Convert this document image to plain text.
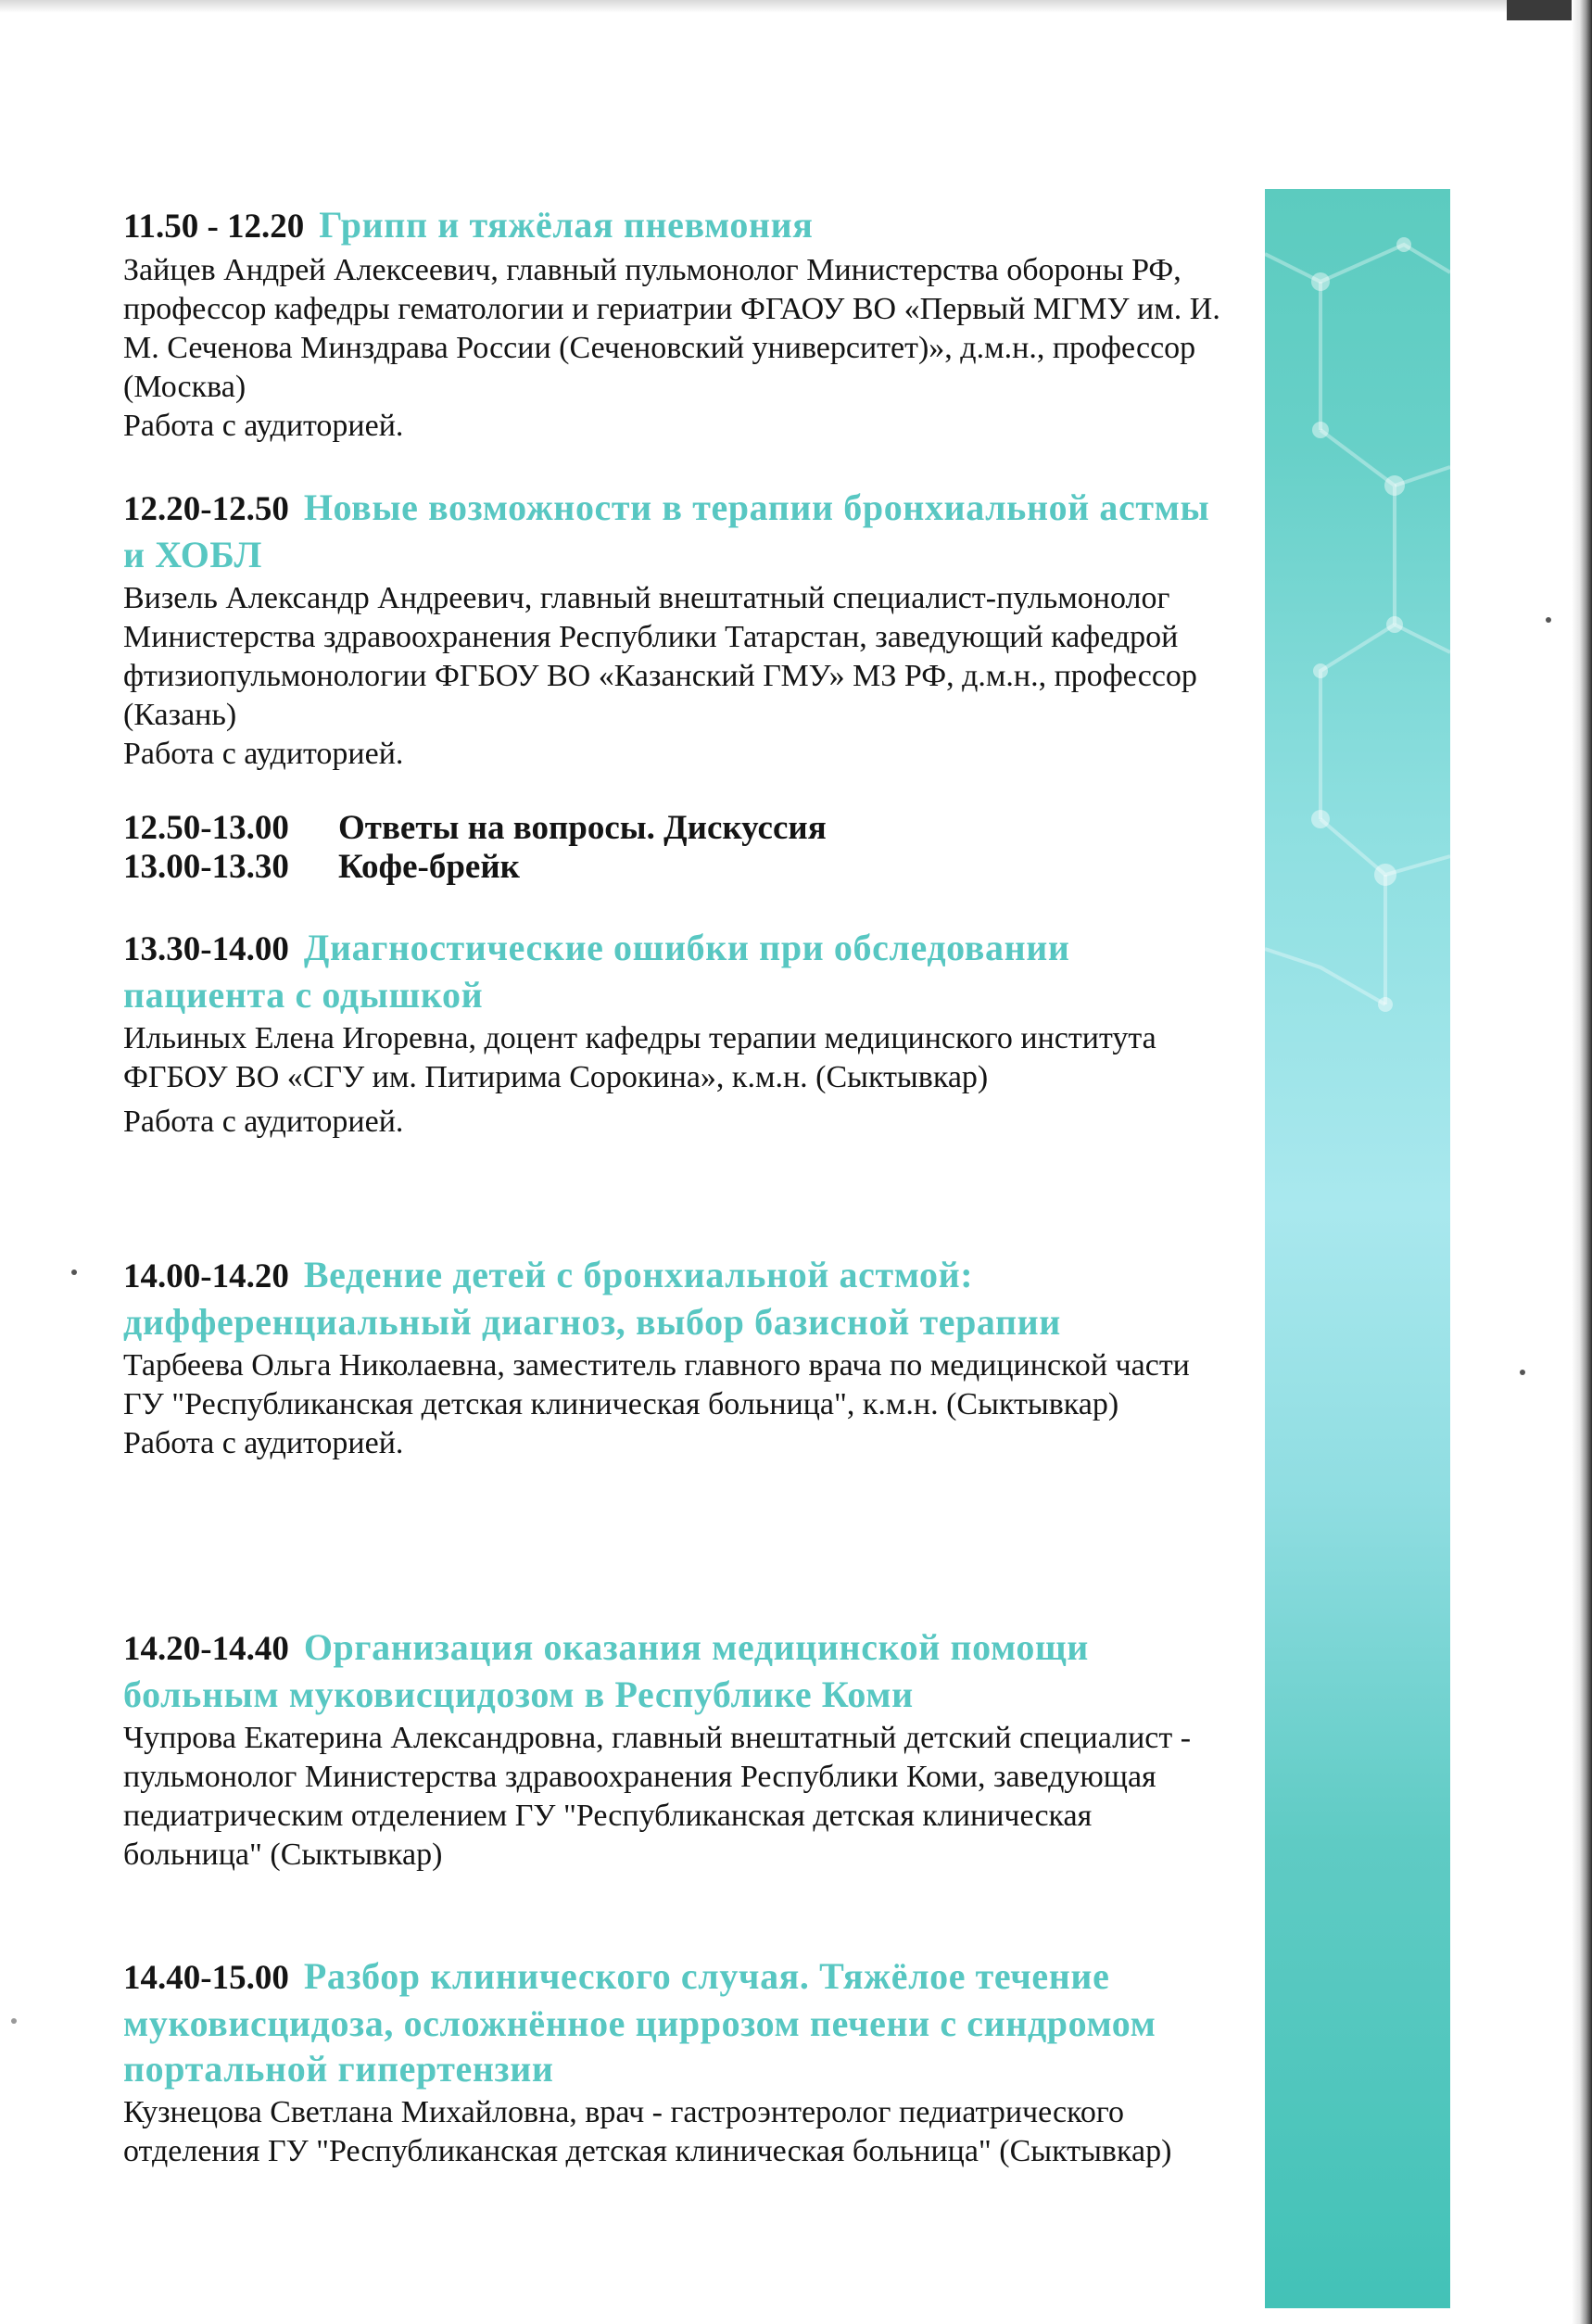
11.50 - 12.20 Грипп и тяжёлая пневмония

Зайцев Андрей Алексеевич, главный пульмонолог Министерства обороны РФ, профессор кафедры гематологии и гериатрии ФГАОУ ВО «Первый МГМУ им. И. М. Сеченова Минздрава России (Сеченовский университет)», д.м.н., профессор (Москва)

Работа с аудиторией.

12.20-12.50 Новые возможности в терапии бронхиальной астмы и ХОБЛ

Визель Александр Андреевич, главный внештатный специалист-пульмонолог Министерства здравоохранения Республики Татарстан, заведующий кафедрой фтизиопульмонологии ФГБОУ ВО «Казанский ГМУ» МЗ РФ, д.м.н., профессор (Казань)

Работа с аудиторией.

12.50-13.00	Ответы на вопросы. Дискуссия
13.00-13.30	Кофе-брейк

13.30-14.00 Диагностические ошибки при обследовании пациента с одышкой

Ильиных Елена Игоревна, доцент кафедры терапии медицинского института ФГБОУ ВО «СГУ им. Питирима Сорокина», к.м.н. (Сыктывкар)

Работа с аудиторией.

14.00-14.20 Ведение детей с бронхиальной астмой: дифференциальный диагноз, выбор базисной терапии

Тарбеева Ольга Николаевна, заместитель главного врача по медицинской части ГУ "Республиканская детская клиническая больница", к.м.н. (Сыктывкар)

Работа с аудиторией.

14.20-14.40 Организация оказания медицинской помощи больным муковисцидозом в Республике Коми

Чупрова Екатерина Александровна, главный внештатный детский специалист - пульмонолог Министерства здравоохранения Республики Коми, заведующая педиатрическим отделением ГУ "Республиканская детская клиническая больница" (Сыктывкар)

14.40-15.00 Разбор клинического случая. Тяжёлое течение муковисцидоза, осложнённое циррозом печени с синдромом портальной гипертензии

Кузнецова Светлана Михайловна, врач - гастроэнтеролог педиатрического отделения ГУ "Республиканская детская клиническая больница" (Сыктывкар)
